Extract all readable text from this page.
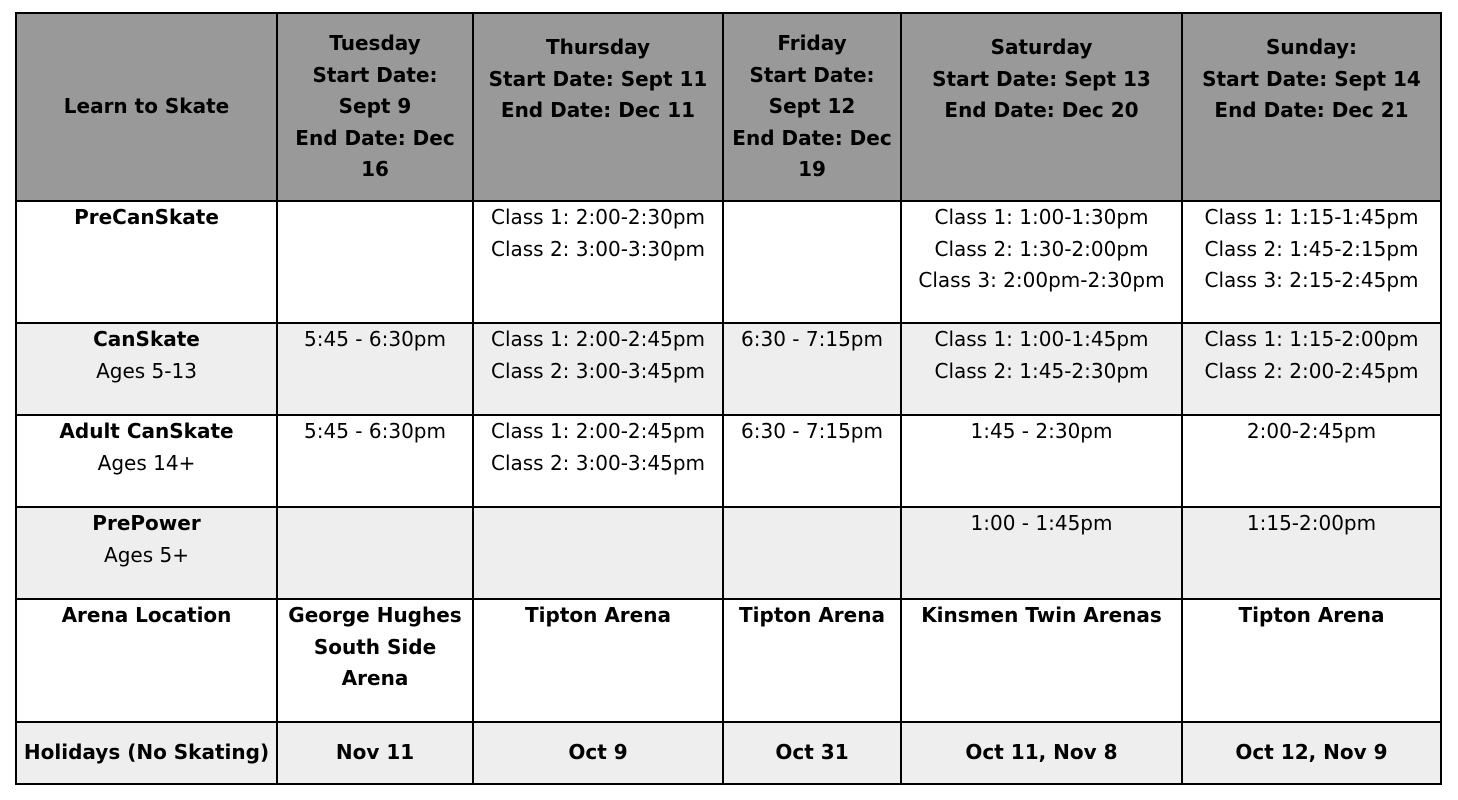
Learn to Skate	Tuesday
Start Date:
Sept 9
End Date: Dec
16	Thursday
Start Date: Sept 11
End Date: Dec 11	Friday
Start Date:
Sept 12
End Date: Dec
19	Saturday
Start Date: Sept 13
End Date: Dec 20	Sunday:
Start Date: Sept 14
End Date: Dec 21

PreCanSkate		Class 1: 2:00-2:30pm
Class 2: 3:00-3:30pm		Class 1: 1:00-1:30pm
Class 2: 1:30-2:00pm
Class 3: 2:00pm-2:30pm	Class 1: 1:15-1:45pm
Class 2: 1:45-2:15pm
Class 3: 2:15-2:45pm

CanSkate
Ages 5-13	5:45 - 6:30pm	Class 1: 2:00-2:45pm
Class 2: 3:00-3:45pm	6:30 - 7:15pm	Class 1: 1:00-1:45pm
Class 2: 1:45-2:30pm	Class 1: 1:15-2:00pm
Class 2: 2:00-2:45pm

Adult CanSkate
Ages 14+	5:45 - 6:30pm	Class 1: 2:00-2:45pm
Class 2: 3:00-3:45pm	6:30 - 7:15pm	1:45 - 2:30pm	2:00-2:45pm

PrePower
Ages 5+				1:00 - 1:45pm	1:15-2:00pm

Arena Location	George Hughes
South Side
Arena	Tipton Arena	Tipton Arena	Kinsmen Twin Arenas	Tipton Arena

Holidays (No Skating)	Nov 11	Oct 9	Oct 31	Oct 11, Nov 8	Oct 12, Nov 9
